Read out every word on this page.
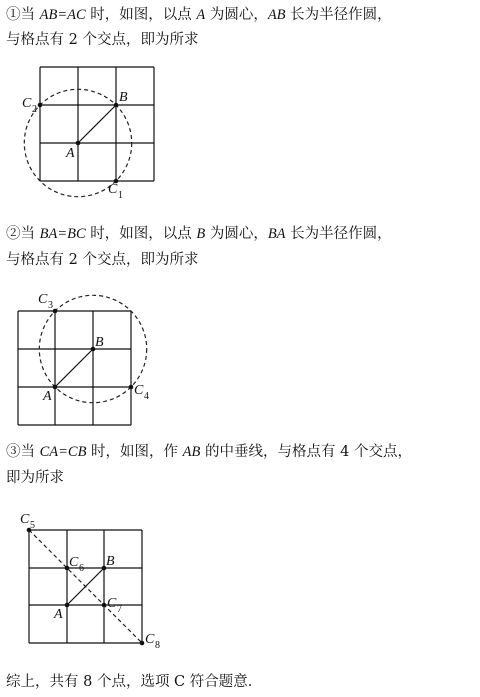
①当 AB=AC 时，如图，以点 A 为圆心，AB 长为半径作圆，
与格点有 2 个交点，即为所求
A
B
C 2
C 1
②当 BA=BC 时，如图，以点 B 为圆心，BA 长为半径作圆，
与格点有 2 个交点，即为所求
A
B
C 3
C 4
③当 CA=CB 时，如图，作 AB 的中垂线，与格点有 4 个交点，
即为所求
A
B
C 5
C 6
C 7
C 8
综上，共有 8 个点，选项 C 符合题意．
